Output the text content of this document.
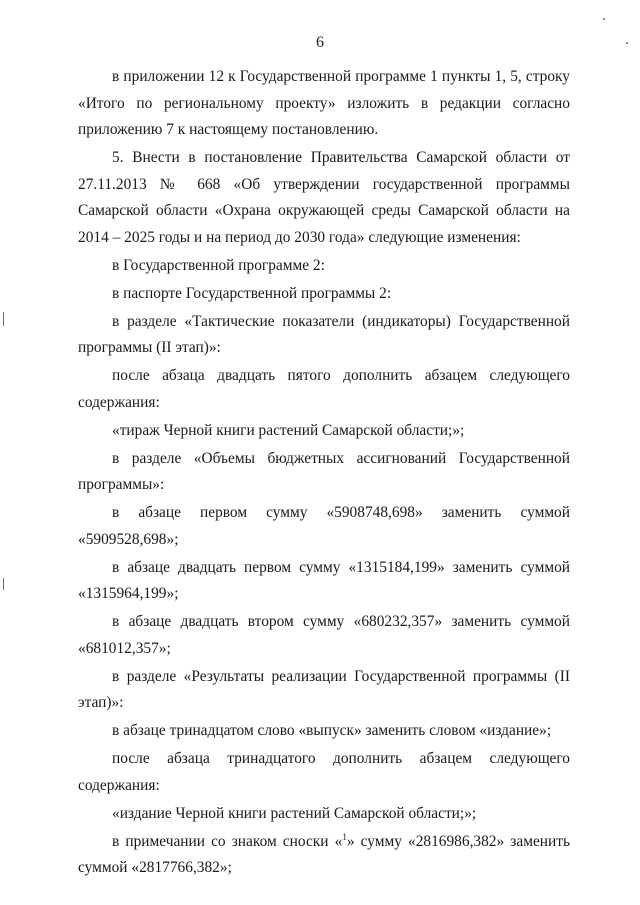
6

в приложении 12 к Государственной программе 1 пункты 1, 5, строку «Итого по региональному проекту» изложить в редакции согласно приложению 7 к настоящему постановлению.

5. Внести в постановление Правительства Самарской области от 27.11.2013 № 668 «Об утверждении государственной программы Самарской области «Охрана окружающей среды Самарской области на 2014 – 2025 годы и на период до 2030 года» следующие изменения:

в Государственной программе 2:

в паспорте Государственной программы 2:

в разделе «Тактические показатели (индикаторы) Государственной программы (II этап)»:

после абзаца двадцать пятого дополнить абзацем следующего содержания:

«тираж Черной книги растений Самарской области;»;

в разделе «Объемы бюджетных ассигнований Государственной программы»:

в абзаце первом сумму «5908748,698» заменить суммой «5909528,698»;

в абзаце двадцать первом сумму «1315184,199» заменить суммой «1315964,199»;

в абзаце двадцать втором сумму «680232,357» заменить суммой «681012,357»;

в разделе «Результаты реализации Государственной программы (II этап)»:

в абзаце тринадцатом слово «выпуск» заменить словом «издание»;

после абзаца тринадцатого дополнить абзацем следующего содержания:

«издание Черной книги растений Самарской области;»;

в примечании со знаком сноски «$^1$» сумму «2816986,382» заменить суммой «2817766,382»;
